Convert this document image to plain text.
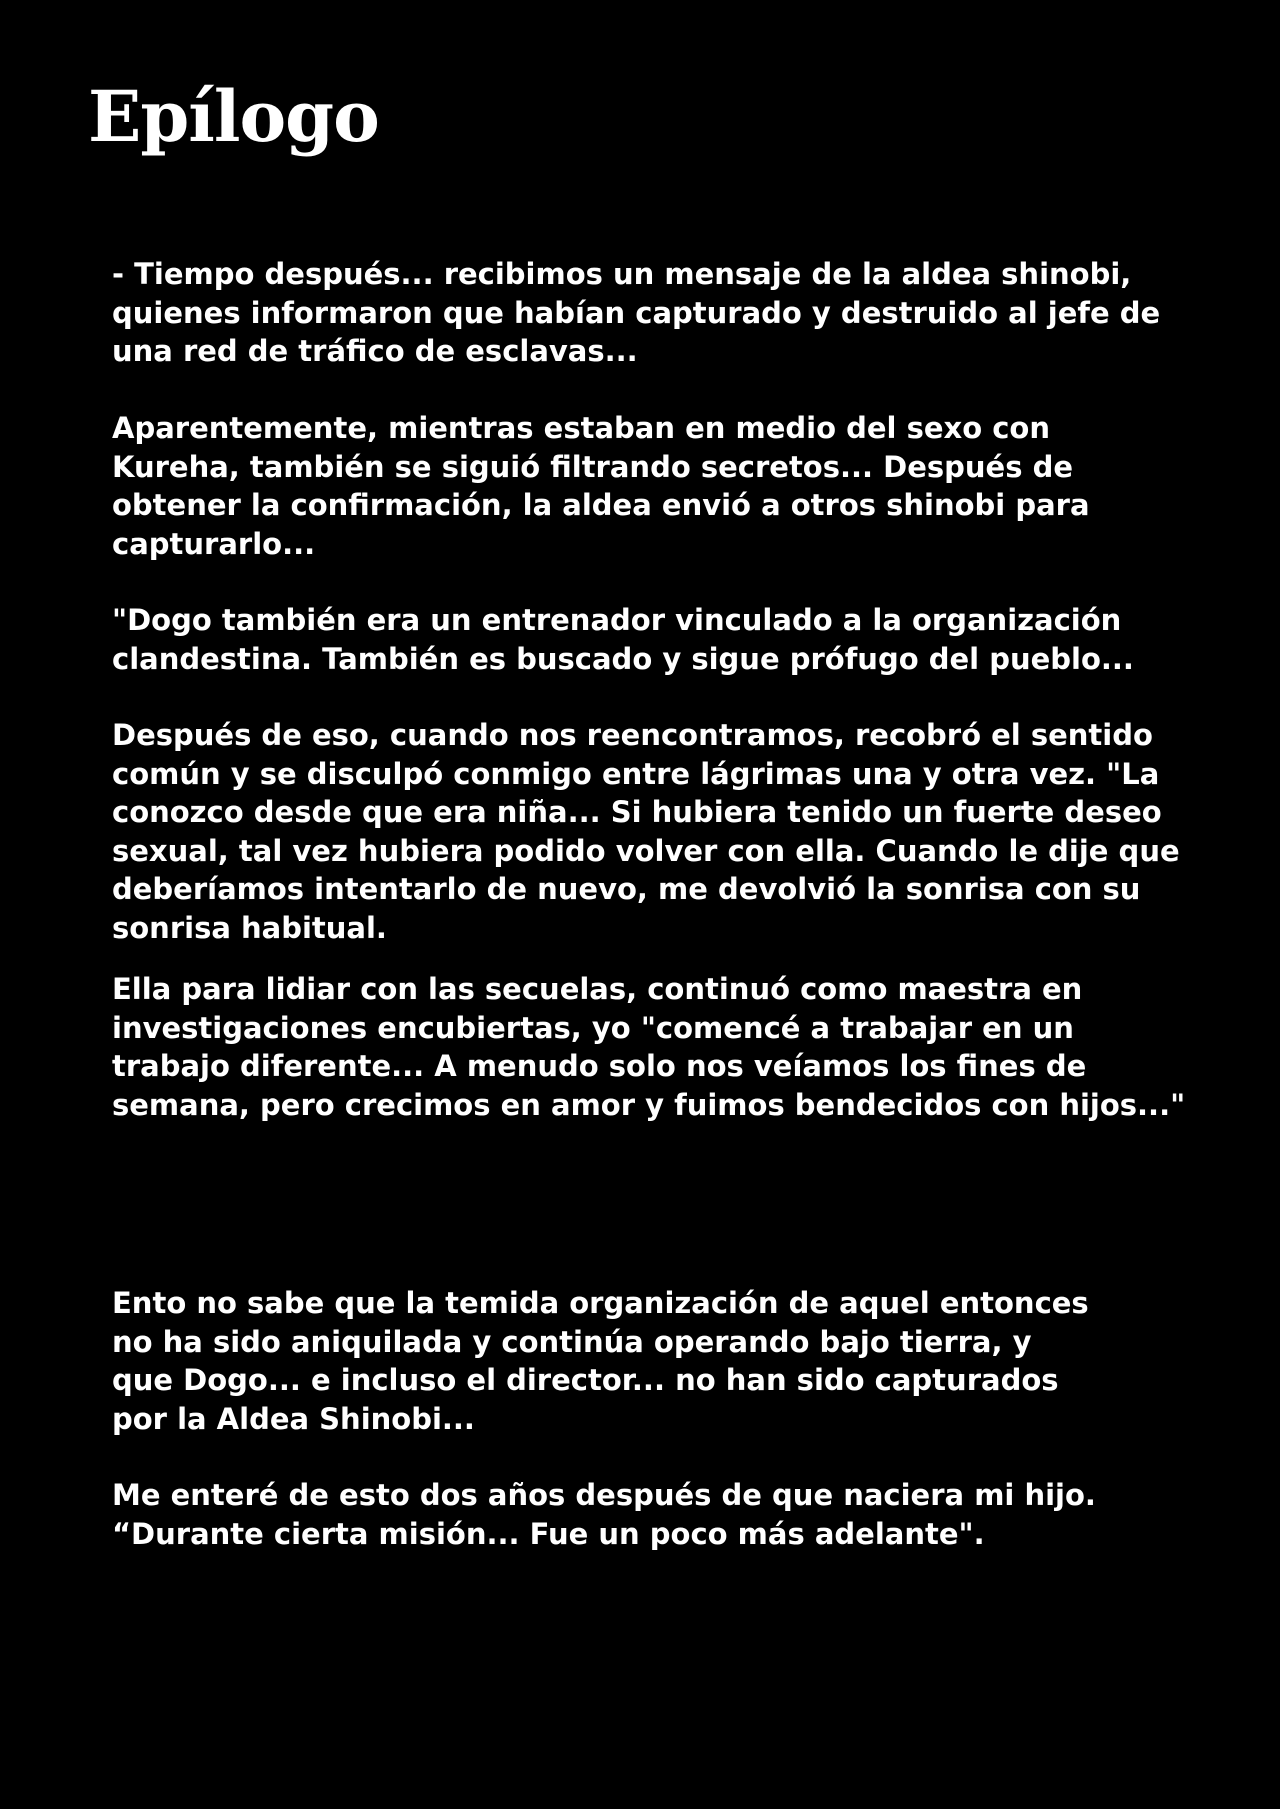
Epílogo

- Tiempo después... recibimos un mensaje de la aldea shinobi,
quienes informaron que habían capturado y destruido al jefe de
una red de tráfico de esclavas...

Aparentemente, mientras estaban en medio del sexo con
Kureha, también se siguió filtrando secretos... Después de
obtener la confirmación, la aldea envió a otros shinobi para
capturarlo...

"Dogo también era un entrenador vinculado a la organización
clandestina. También es buscado y sigue prófugo del pueblo...

Después de eso, cuando nos reencontramos, recobró el sentido
común y se disculpó conmigo entre lágrimas una y otra vez. "La
conozco desde que era niña... Si hubiera tenido un fuerte deseo
sexual, tal vez hubiera podido volver con ella. Cuando le dije que
deberíamos intentarlo de nuevo, me devolvió la sonrisa con su
sonrisa habitual.

Ella para lidiar con las secuelas, continuó como maestra en
investigaciones encubiertas, yo "comencé a trabajar en un
trabajo diferente... A menudo solo nos veíamos los fines de
semana, pero crecimos en amor y fuimos bendecidos con hijos..."

Ento no sabe que la temida organización de aquel entonces
no ha sido aniquilada y continúa operando bajo tierra, y
que Dogo... e incluso el director... no han sido capturados
por la Aldea Shinobi...

Me enteré de esto dos años después de que naciera mi hijo.
“Durante cierta misión... Fue un poco más adelante".
